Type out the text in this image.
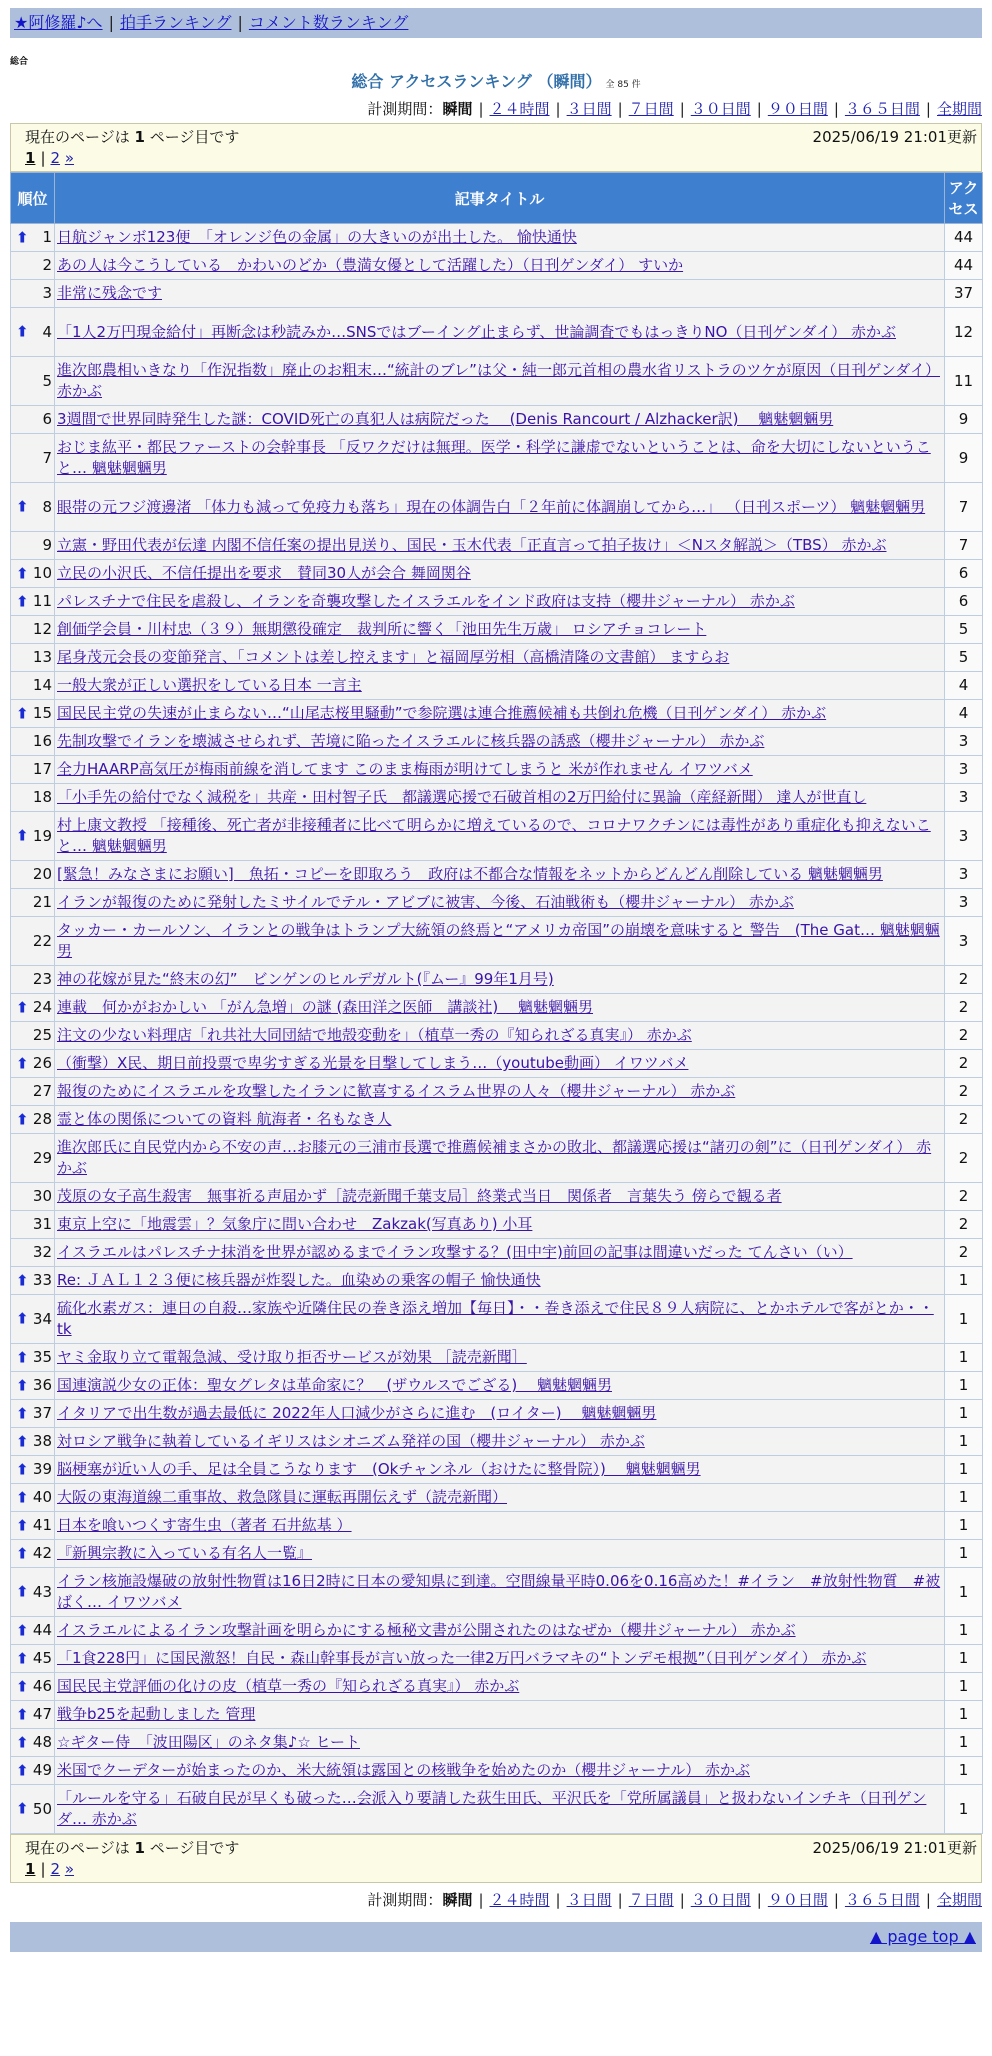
★阿修羅♪へ | 拍手ランキング | コメント数ランキング
総合
総合 アクセスランキング （瞬間） 全 85 件
計測期間：瞬間 | ２４時間 | ３日間 | ７日間 | ３０日間 | ９０日間 | ３６５日間 | 全期間
現在のページは 1 ページ目です	2025/06/19 21:01更新
1 | 2 »
順位	記事タイトル	アクセス

⬆ 1	日航ジャンボ123便　「オレンジ色の金属」の大きいのが出土した。 愉快通快	44
2	あの人は今こうしている　かわいのどか（豊満女優として活躍した）（日刊ゲンダイ） すいか	44
3	非常に残念です	37

⬆ 4	「1人2万円現金給付」再断念は秒読みか…SNSではブーイング止まらず、世論調査でもはっきりNO（日刊ゲンダイ） 赤かぶ	12
5	進次郎農相いきなり「作況指数」廃止のお粗末…“統計のブレ”は父・純一郎元首相の農水省リストラのツケが原因（日刊ゲンダイ） 赤かぶ	11
6	3週間で世界同時発生した謎：COVID死亡の真犯人は病院だった　 (Denis Rancourt / Alzhacker訳)　 魑魅魍魎男	9
7	おじま紘平・都民ファーストの会幹事長 「反ワクだけは無理。医学・科学に謙虚でないということは、命を大切にしないということ… 魑魅魍魎男	9

⬆ 8	眼帯の元フジ渡邊渚 「体力も減って免疫力も落ち」現在の体調告白「２年前に体調崩してから…」 （日刊スポーツ） 魑魅魍魎男	7
9	立憲・野田代表が伝達 内閣不信任案の提出見送り、国民・玉木代表「正直言って拍子抜け」＜Nスタ解説＞（TBS） 赤かぶ	7

⬆ 10	立民の小沢氏、不信任提出を要求　賛同30人が会合 舞岡関谷	6

⬆ 11	パレスチナで住民を虐殺し、イランを奇襲攻撃したイスラエルをインド政府は支持（櫻井ジャーナル） 赤かぶ	6
12	創価学会員・川村忠（３９）無期懲役確定　裁判所に響く「池田先生万歳」 ロシアチョコレート	5
13	尾身茂元会長の変節発言、「コメントは差し控えます」と福岡厚労相（高橋清隆の文書館） ますらお	5
14	一般大衆が正しい選択をしている日本 一言主	4

⬆ 15	国民民主党の失速が止まらない…“山尾志桜里騒動”で参院選は連合推薦候補も共倒れ危機（日刊ゲンダイ） 赤かぶ	4
16	先制攻撃でイランを壊滅させられず、苦境に陥ったイスラエルに核兵器の誘惑（櫻井ジャーナル） 赤かぶ	3
17	全力HAARP高気圧が梅雨前線を消してます このまま梅雨が明けてしまうと 米が作れません イワツバメ	3
18	「小手先の給付でなく減税を」共産・田村智子氏　都議選応援で石破首相の2万円給付に異論（産経新聞） 達人が世直し	3

⬆ 19	村上康文教授 「接種後、死亡者が非接種者に比べて明らかに増えているので、コロナワクチンには毒性があり重症化も抑えないこと… 魑魅魍魎男	3
20	[緊急！みなさまにお願い]　魚拓・コピーを即取ろう　政府は不都合な情報をネットからどんどん削除している 魑魅魍魎男	3
21	イランが報復のために発射したミサイルでテル・アビブに被害、今後、石油戦術も（櫻井ジャーナル） 赤かぶ	3
22	タッカー・カールソン、イランとの戦争はトランプ大統領の終焉と“アメリカ帝国”の崩壊を意味すると 警告　(The Gat… 魑魅魍魎男	3
23	神の花嫁が見た“終末の幻”　ビンゲンのヒルデガルト(『ムー』99年1月号)	2

⬆ 24	連載　何かがおかしい 「がん急増」の謎 (森田洋之医師　講談社)　 魑魅魍魎男	2
25	注文の少ない料理店「れ共社大同団結で地殻変動を」（植草一秀の『知られざる真実』） 赤かぶ	2

⬆ 26	（衝撃）X民、期日前投票で卑劣すぎる光景を目撃してしまう…（youtube動画） イワツバメ	2
27	報復のためにイスラエルを攻撃したイランに歓喜するイスラム世界の人々（櫻井ジャーナル） 赤かぶ	2

⬆ 28	霊と体の関係についての資料 航海者・名もなき人	2
29	進次郎氏に自民党内から不安の声…お膝元の三浦市長選で推薦候補まさかの敗北、都議選応援は“諸刃の剣”に（日刊ゲンダイ） 赤かぶ	2
30	茂原の女子高生殺害　無事祈る声届かず［読売新聞千葉支局］終業式当日　関係者　言葉失う 傍らで観る者	2
31	東京上空に「地震雲」？気象庁に問い合わせ　Zakzak(写真あり) 小耳	2
32	イスラエルはパレスチナ抹消を世界が認めるまでイラン攻撃する？(田中宇)前回の記事は間違いだった てんさい（い）	2

⬆ 33	Re: ＪＡＬ１２３便に核兵器が炸裂した。血染めの乗客の帽子 愉快通快	1

⬆ 34	硫化水素ガス：連日の自殺…家族や近隣住民の巻き添え増加【毎日】・・巻き添えで住民８９人病院に、とかホテルで客がとか・・ tk	1

⬆ 35	ヤミ金取り立て電報急減、受け取り拒否サービスが効果 ［読売新聞］	1

⬆ 36	国連演説少女の正体：聖女グレタは革命家に？　(ザウルスでござる)　 魑魅魍魎男	1

⬆ 37	イタリアで出生数が過去最低に 2022年人口減少がさらに進む　(ロイター)　 魑魅魍魎男	1

⬆ 38	対ロシア戦争に執着しているイギリスはシオニズム発祥の国（櫻井ジャーナル） 赤かぶ	1

⬆ 39	脳梗塞が近い人の手、足は全員こうなります　(Okチャンネル（おけたに整骨院）)　 魑魅魍魎男	1

⬆ 40	大阪の東海道線二重事故、救急隊員に運転再開伝えず（読売新聞）	1

⬆ 41	日本を喰いつくす寄生虫（著者 石井紘基 ）	1

⬆ 42	『新興宗教に入っている有名人一覧』	1

⬆ 43	イラン核施設爆破の放射性物質は16日2時に日本の愛知県に到達。空間線量平時0.06を0.16高めた！#イラン　#放射性物質　#被ばく… イワツバメ	1

⬆ 44	イスラエルによるイラン攻撃計画を明らかにする極秘文書が公開されたのはなぜか（櫻井ジャーナル） 赤かぶ	1

⬆ 45	「1食228円」に国民激怒！自民・森山幹事長が言い放った一律2万円バラマキの“トンデモ根拠”（日刊ゲンダイ） 赤かぶ	1

⬆ 46	国民民主党評価の化けの皮（植草一秀の『知られざる真実』） 赤かぶ	1

⬆ 47	戦争b25を起動しました 管理	1

⬆ 48	☆ギター侍　「波田陽区」のネタ集♪☆ ヒート	1

⬆ 49	米国でクーデターが始まったのか、米大統領は露国との核戦争を始めたのか（櫻井ジャーナル） 赤かぶ	1

⬆ 50	「ルールを守る」石破自民が早くも破った…会派入り要請した荻生田氏、平沢氏を「党所属議員」と扱わないインチキ（日刊ゲンダ… 赤かぶ	1
現在のページは 1 ページ目です	2025/06/19 21:01更新
1 | 2 »
計測期間：瞬間 | ２４時間 | ３日間 | ７日間 | ３０日間 | ９０日間 | ３６５日間 | 全期間
▲ page top ▲
